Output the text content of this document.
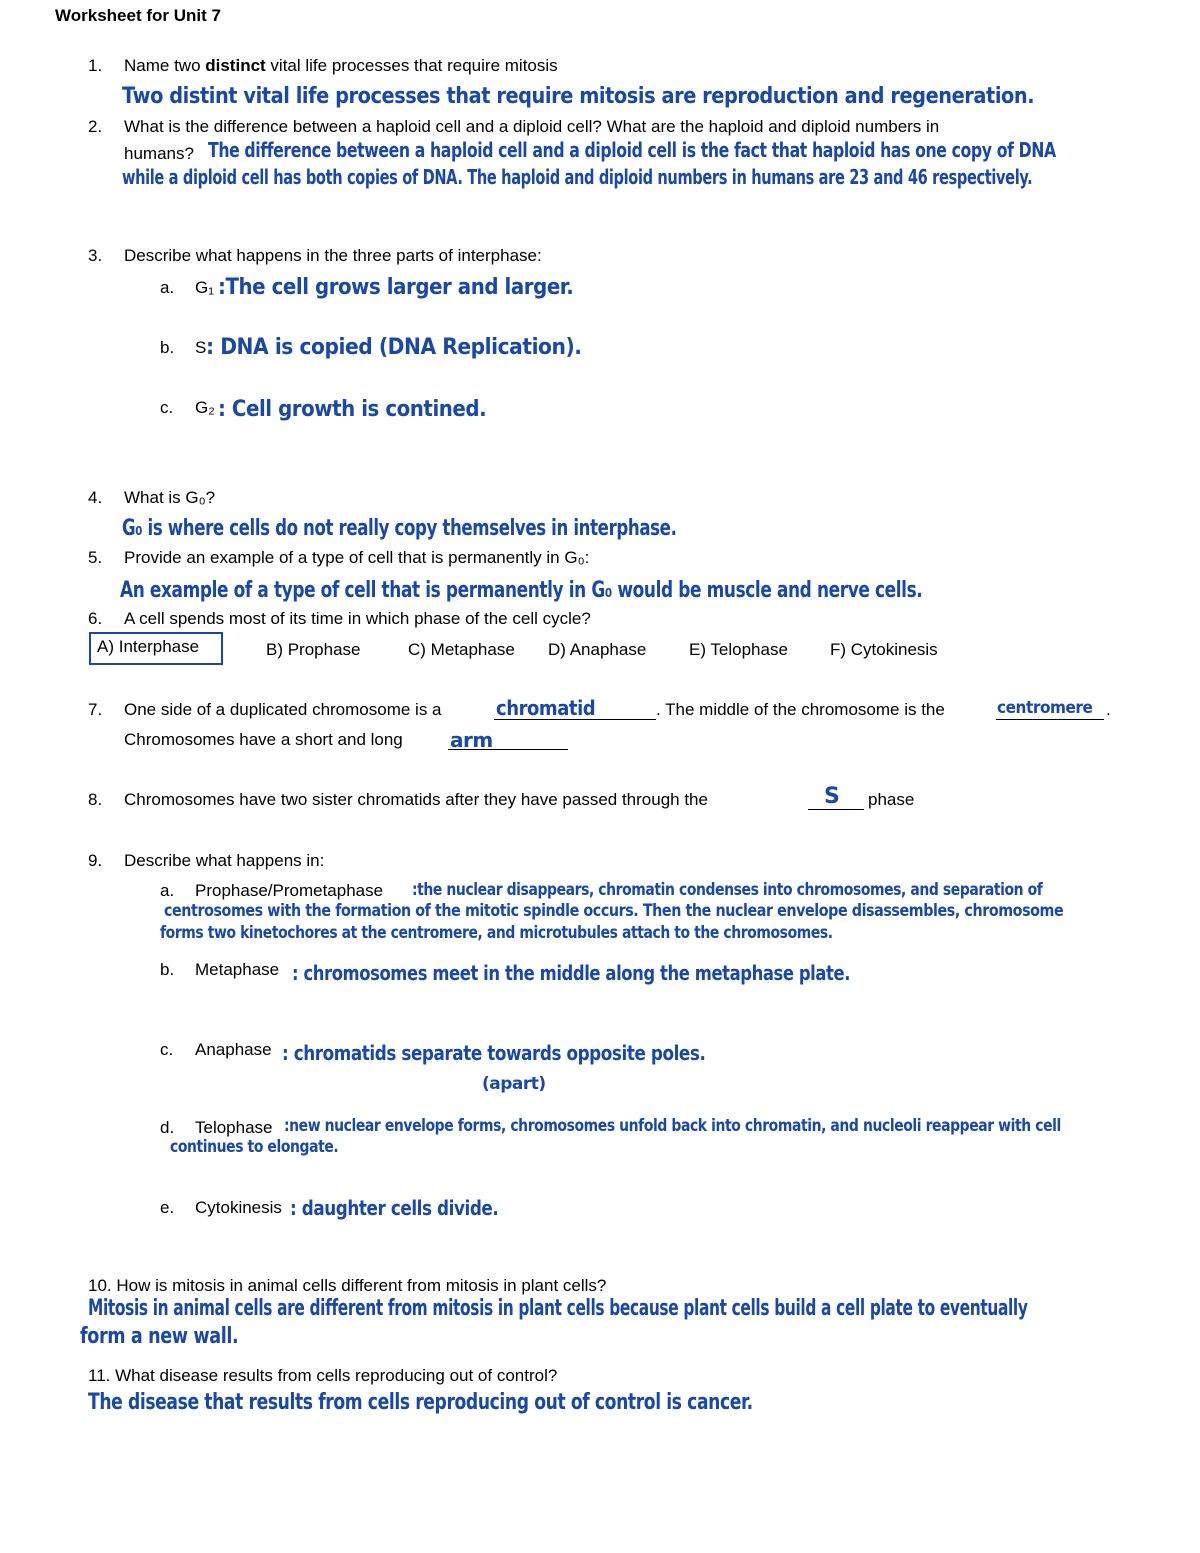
Worksheet for Unit 7
1. Name two distinct vital life processes that require mitosis
Two distint vital life processes that require mitosis are reproduction and regeneration.
2. What is the difference between a haploid cell and a diploid cell? What are the haploid and diploid numbers in
humans? The difference between a haploid cell and a diploid cell is the fact that haploid has one copy of DNA
while a diploid cell has both copies of DNA. The haploid and diploid numbers in humans are 23 and 46 respectively.
3. Describe what happens in the three parts of interphase:
a. G₁ :The cell grows larger and larger.
b. S : DNA is copied (DNA Replication).
c. G₂ : Cell growth is contined.
4. What is G₀?
G₀ is where cells do not really copy themselves in interphase.
5. Provide an example of a type of cell that is permanently in G₀:
An example of a type of cell that is permanently in G₀ would be muscle and nerve cells.
6. A cell spends most of its time in which phase of the cell cycle?
A) Interphase	B) Prophase	C) Metaphase D) Anaphase	E) Telophase F) Cytokinesis
7. One side of a duplicated chromosome is a	chromatid	. The middle of the chromosome is the	centromere .
Chromosomes have a short and long arm
8. Chromosomes have two sister chromatids after they have passed through the	S phase
9. Describe what happens in:
a. Prophase/Prometaphase :the nuclear disappears, chromatin condenses into chromosomes, and separation of
centrosomes with the formation of the mitotic spindle occurs. Then the nuclear envelope disassembles, chromosome
forms two kinetochores at the centromere, and microtubules attach to the chromosomes.
b. Metaphase : chromosomes meet in the middle along the metaphase plate.
c. Anaphase : chromatids separate towards opposite poles.
(apart)
d. Telophase :new nuclear envelope forms, chromosomes unfold back into chromatin, and nucleoli reappear with cell
continues to elongate.
e. Cytokinesis : daughter cells divide.
10. How is mitosis in animal cells different from mitosis in plant cells?
Mitosis in animal cells are different from mitosis in plant cells because plant cells build a cell plate to eventually
form a new wall.
11. What disease results from cells reproducing out of control?
The disease that results from cells reproducing out of control is cancer.
